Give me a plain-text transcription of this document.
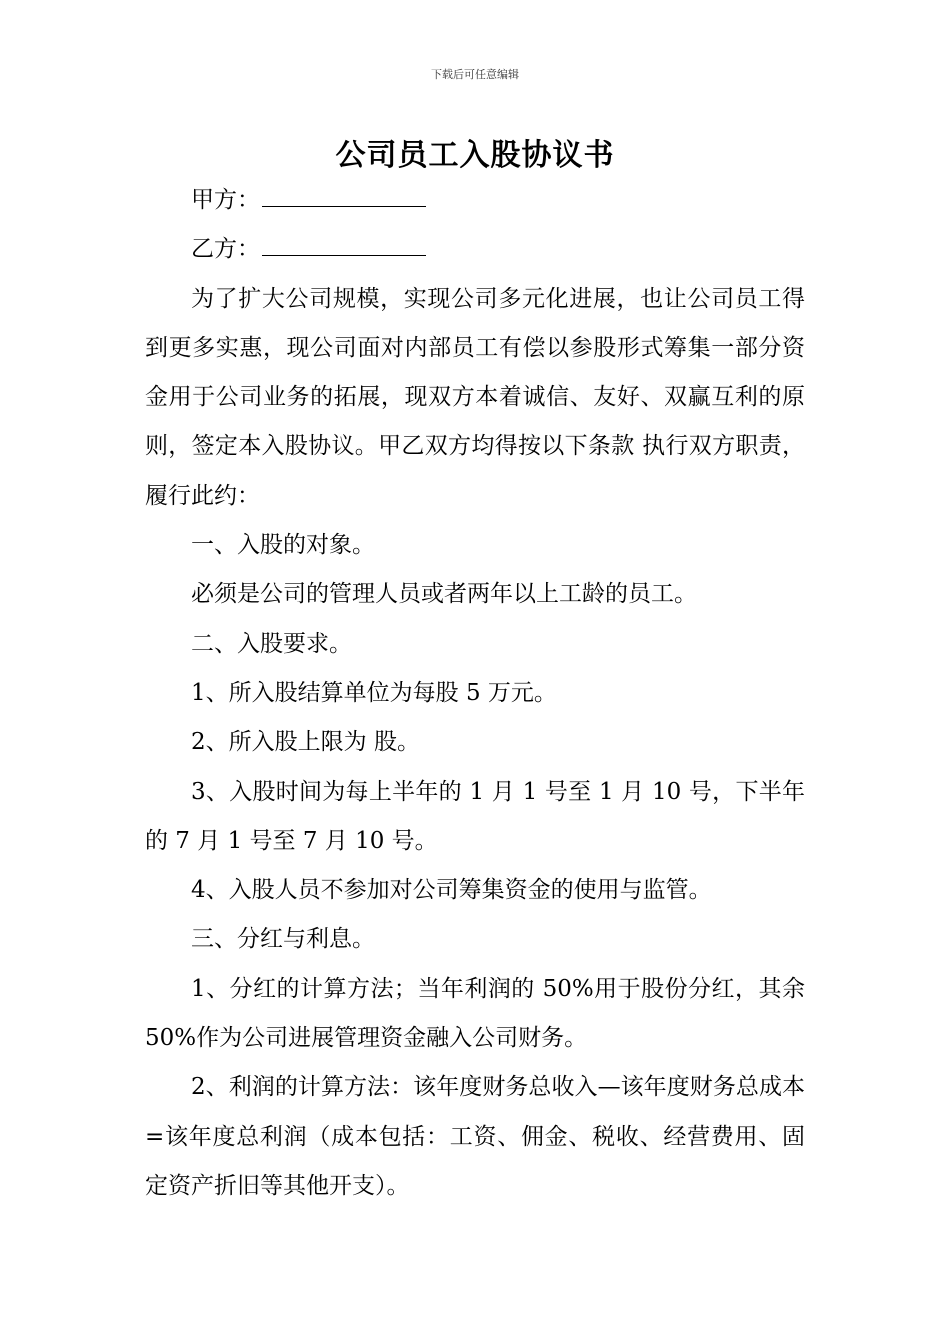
下载后可任意编辑
公司员工入股协议书

甲方：

乙方：

为了扩大公司规模，实现公司多元化进展，也让公司员工得到更多实惠，现公司面对内部员工有偿以参股形式筹集一部分资金用于公司业务的拓展，现双方本着诚信、友好、双赢互利的原则，签定本入股协议。甲乙双方均得按以下条款 执行双方职责，履行此约：

一、入股的对象。

必须是公司的管理人员或者两年以上工龄的员工。

二、入股要求。

1、所入股结算单位为每股 5 万元。

2、所入股上限为 股。

3、入股时间为每上半年的 1 月 1 号至 1 月 10 号，下半年的 7 月 1 号至 7 月 10 号。

4、入股人员不参加对公司筹集资金的使用与监管。

三、分红与利息。

1、分红的计算方法；当年利润的 50%用于股份分红，其余 50%作为公司进展管理资金融入公司财务。

2、利润的计算方法：该年度财务总收入—该年度财务总成本=该年度总利润（成本包括：工资、佣金、税收、经营费用、固定资产折旧等其他开支）。
